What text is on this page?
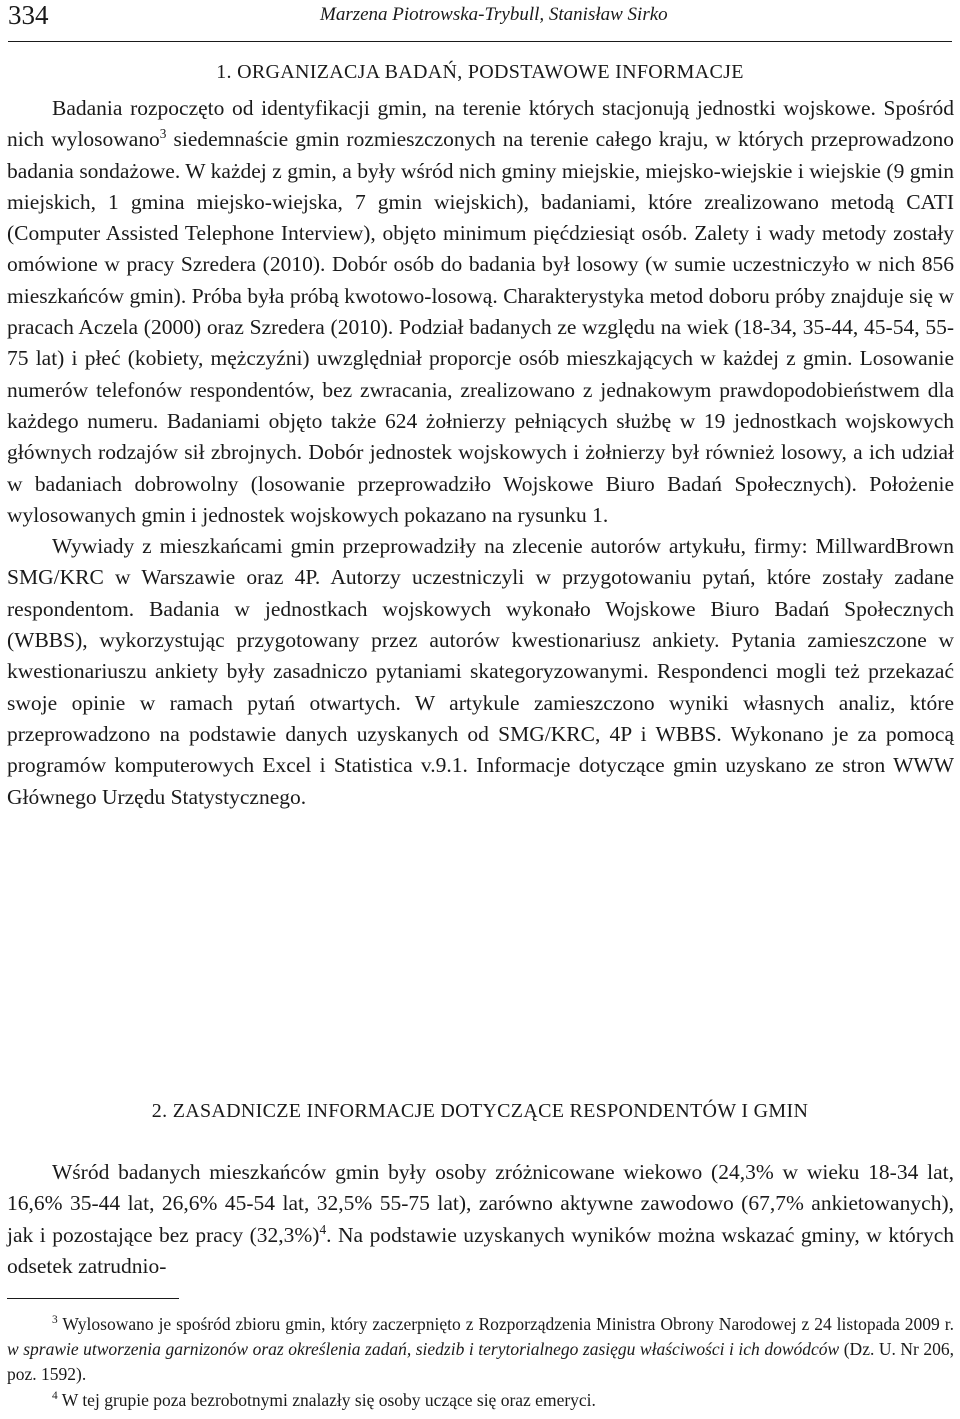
334	Marzena Piotrowska-Trybull, Stanisław Sirko
1. ORGANIZACJA BADAŃ, PODSTAWOWE INFORMACJE

Badania rozpoczęto od identyfikacji gmin, na terenie których stacjonują jednostki wojskowe. Spośród nich wylosowano$^3$ siedemnaście gmin rozmieszczonych na terenie całego kraju, w których przeprowadzono badania sondażowe. W każdej z gmin, a były wśród nich gminy miejskie, miejsko-wiejskie i wiejskie (9 gmin miejskich, 1 gmina miejsko-wiejska, 7 gmin wiejskich), badaniami, które zrealizowano metodą CATI (Computer Assisted Telephone Interview), objęto minimum pięćdziesiąt osób. Zalety i wady metody zostały omówione w pracy Szredera (2010). Dobór osób do badania był losowy (w sumie uczestniczyło w nich 856 mieszkańców gmin). Próba była próbą kwotowo-losową. Charakterystyka metod doboru próby znajduje się w pracach Aczela (2000) oraz Szredera (2010). Podział badanych ze względu na wiek (18-34, 35-44, 45-54, 55-75 lat) i płeć (kobiety, mężczyźni) uwzględniał proporcje osób mieszkających w każdej z gmin. Losowanie numerów telefonów respondentów, bez zwracania, zrealizowano z jednakowym prawdopodobieństwem dla każdego numeru. Badaniami objęto także 624 żołnierzy pełniących służbę w 19 jednostkach wojskowych głównych rodzajów sił zbrojnych. Dobór jednostek wojskowych i żołnierzy był również losowy, a ich udział w badaniach dobrowolny (losowanie przeprowadziło Wojskowe Biuro Badań Społecznych). Położenie wylosowanych gmin i jednostek wojskowych pokazano na rysunku 1.

Wywiady z mieszkańcami gmin przeprowadziły na zlecenie autorów artykułu, firmy: MillwardBrown SMG/KRC w Warszawie oraz 4P. Autorzy uczestniczyli w przygotowaniu pytań, które zostały zadane respondentom. Badania w jednostkach wojskowych wykonało Wojskowe Biuro Badań Społecznych (WBBS), wykorzystując przygotowany przez autorów kwestionariusz ankiety. Pytania zamieszczone w kwestionariuszu ankiety były zasadniczo pytaniami skategoryzowanymi. Respondenci mogli też przekazać swoje opinie w ramach pytań otwartych. W artykule zamieszczono wyniki własnych analiz, które przeprowadzono na podstawie danych uzyskanych od SMG/KRC, 4P i WBBS. Wykonano je za pomocą programów komputerowych Excel i Statistica v.9.1. Informacje dotyczące gmin uzyskano ze stron WWW Głównego Urzędu Statystycznego.

2. ZASADNICZE INFORMACJE DOTYCZĄCE RESPONDENTÓW I GMIN

Wśród badanych mieszkańców gmin były osoby zróżnicowane wiekowo (24,3% w wieku 18-34 lat, 16,6% 35-44 lat, 26,6% 45-54 lat, 32,5% 55-75 lat), zarówno aktywne zawodowo (67,7% ankietowanych), jak i pozostające bez pracy $(32,3\%)^4$. Na podstawie uzyskanych wyników można wskazać gminy, w których odsetek zatrudnio-

$^3$ Wylosowano je spośród zbioru gmin, który zaczerpnięto z Rozporządzenia Ministra Obrony Narodowej z 24 listopada 2009 r. w sprawie utworzenia garnizonów oraz określenia zadań, siedzib i terytorialnego zasięgu właściwości i ich dowódców (Dz. U. Nr 206, poz. 1592).

$^4$ W tej grupie poza bezrobotnymi znalazły się osoby uczące się oraz emeryci.
